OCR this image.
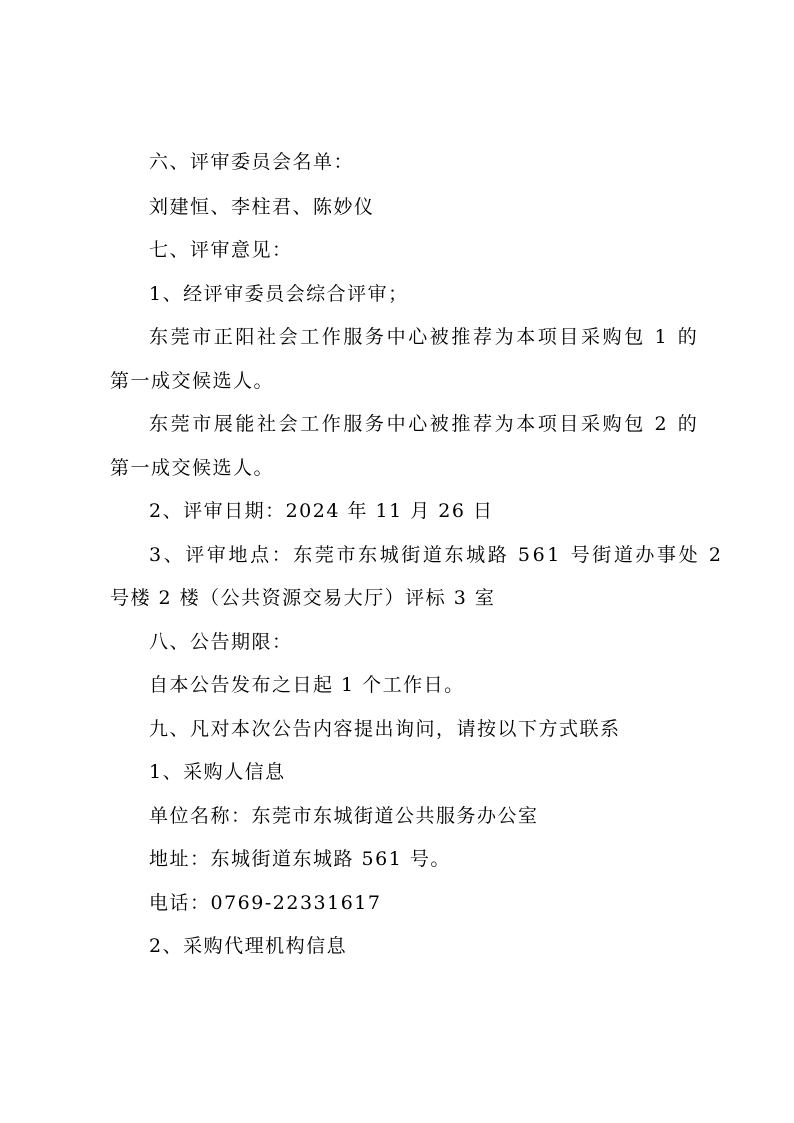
六、评审委员会名单：
刘建恒、李柱君、陈妙仪
七、评审意见：
1、经评审委员会综合评审；
东莞市正阳社会工作服务中心被推荐为本项目采购包 1 的
第一成交候选人。
东莞市展能社会工作服务中心被推荐为本项目采购包 2 的
第一成交候选人。
2、评审日期：2024 年 11 月 26 日
3、评审地点：东莞市东城街道东城路 561 号街道办事处 2
号楼 2 楼（公共资源交易大厅）评标 3 室
八、公告期限：
自本公告发布之日起 1 个工作日。
九、凡对本次公告内容提出询问，请按以下方式联系
1、采购人信息
单位名称：东莞市东城街道公共服务办公室
地址：东城街道东城路 561 号。
电话：0769-22331617
2、采购代理机构信息
